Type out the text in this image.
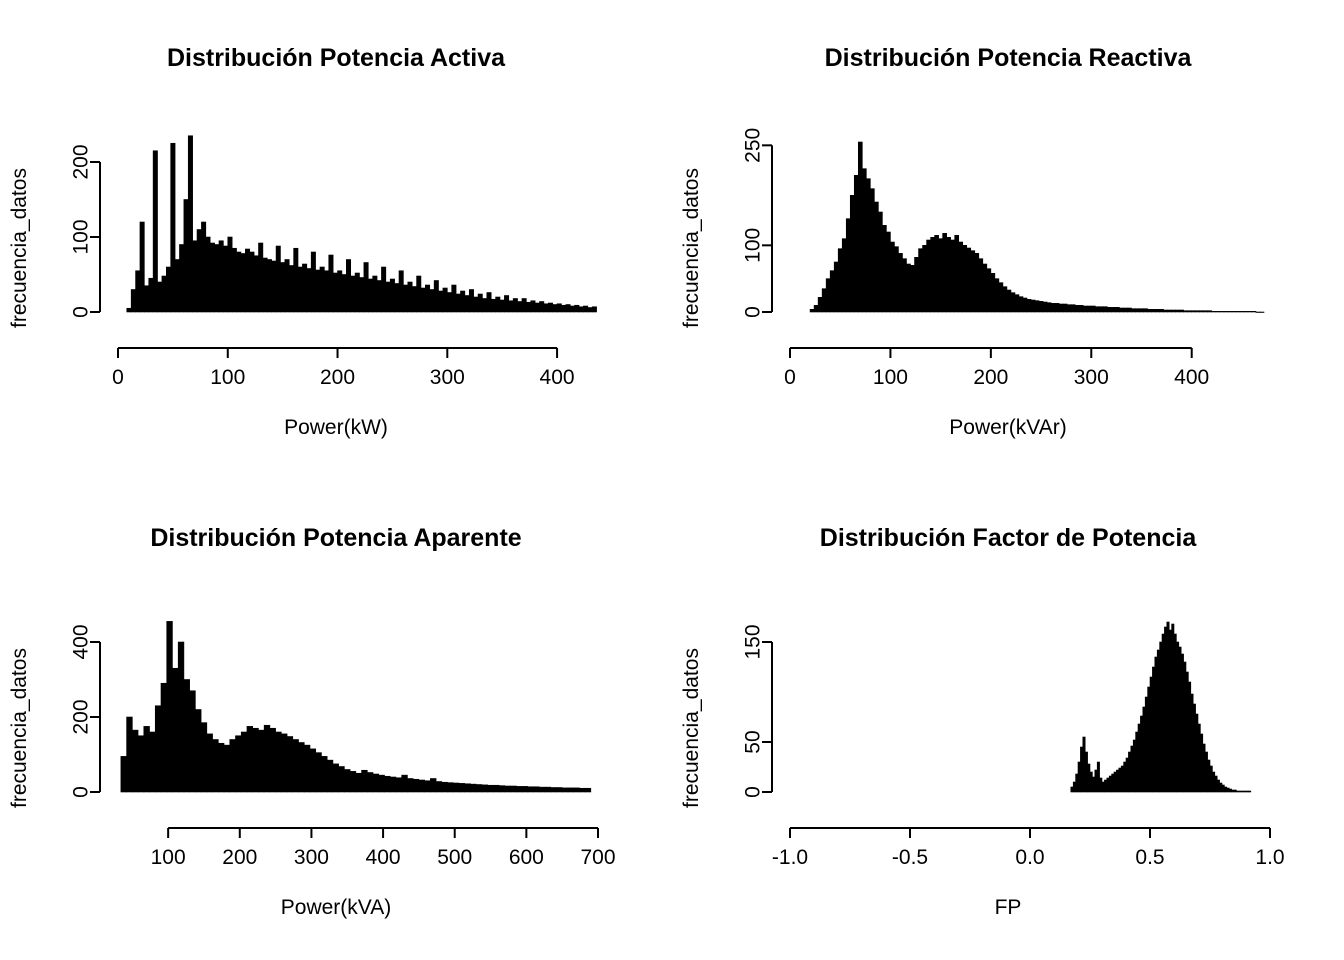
Distribución Potencia Activa
frecuencia_datos
Power(kW)
0	100	200	300	400
0
100
200
Distribución Potencia Reactiva
frecuencia_datos
Power(kVAr)
0	100	200	300	400
0
100
250
Distribución Potencia Aparente
frecuencia_datos
Power(kVA)
100 200 300 400 500 600 700
0
200
400
Distribución Factor de Potencia
frecuencia_datos
FP
-1.0	-0.5	0.0	0.5	1.0
0
50
150
